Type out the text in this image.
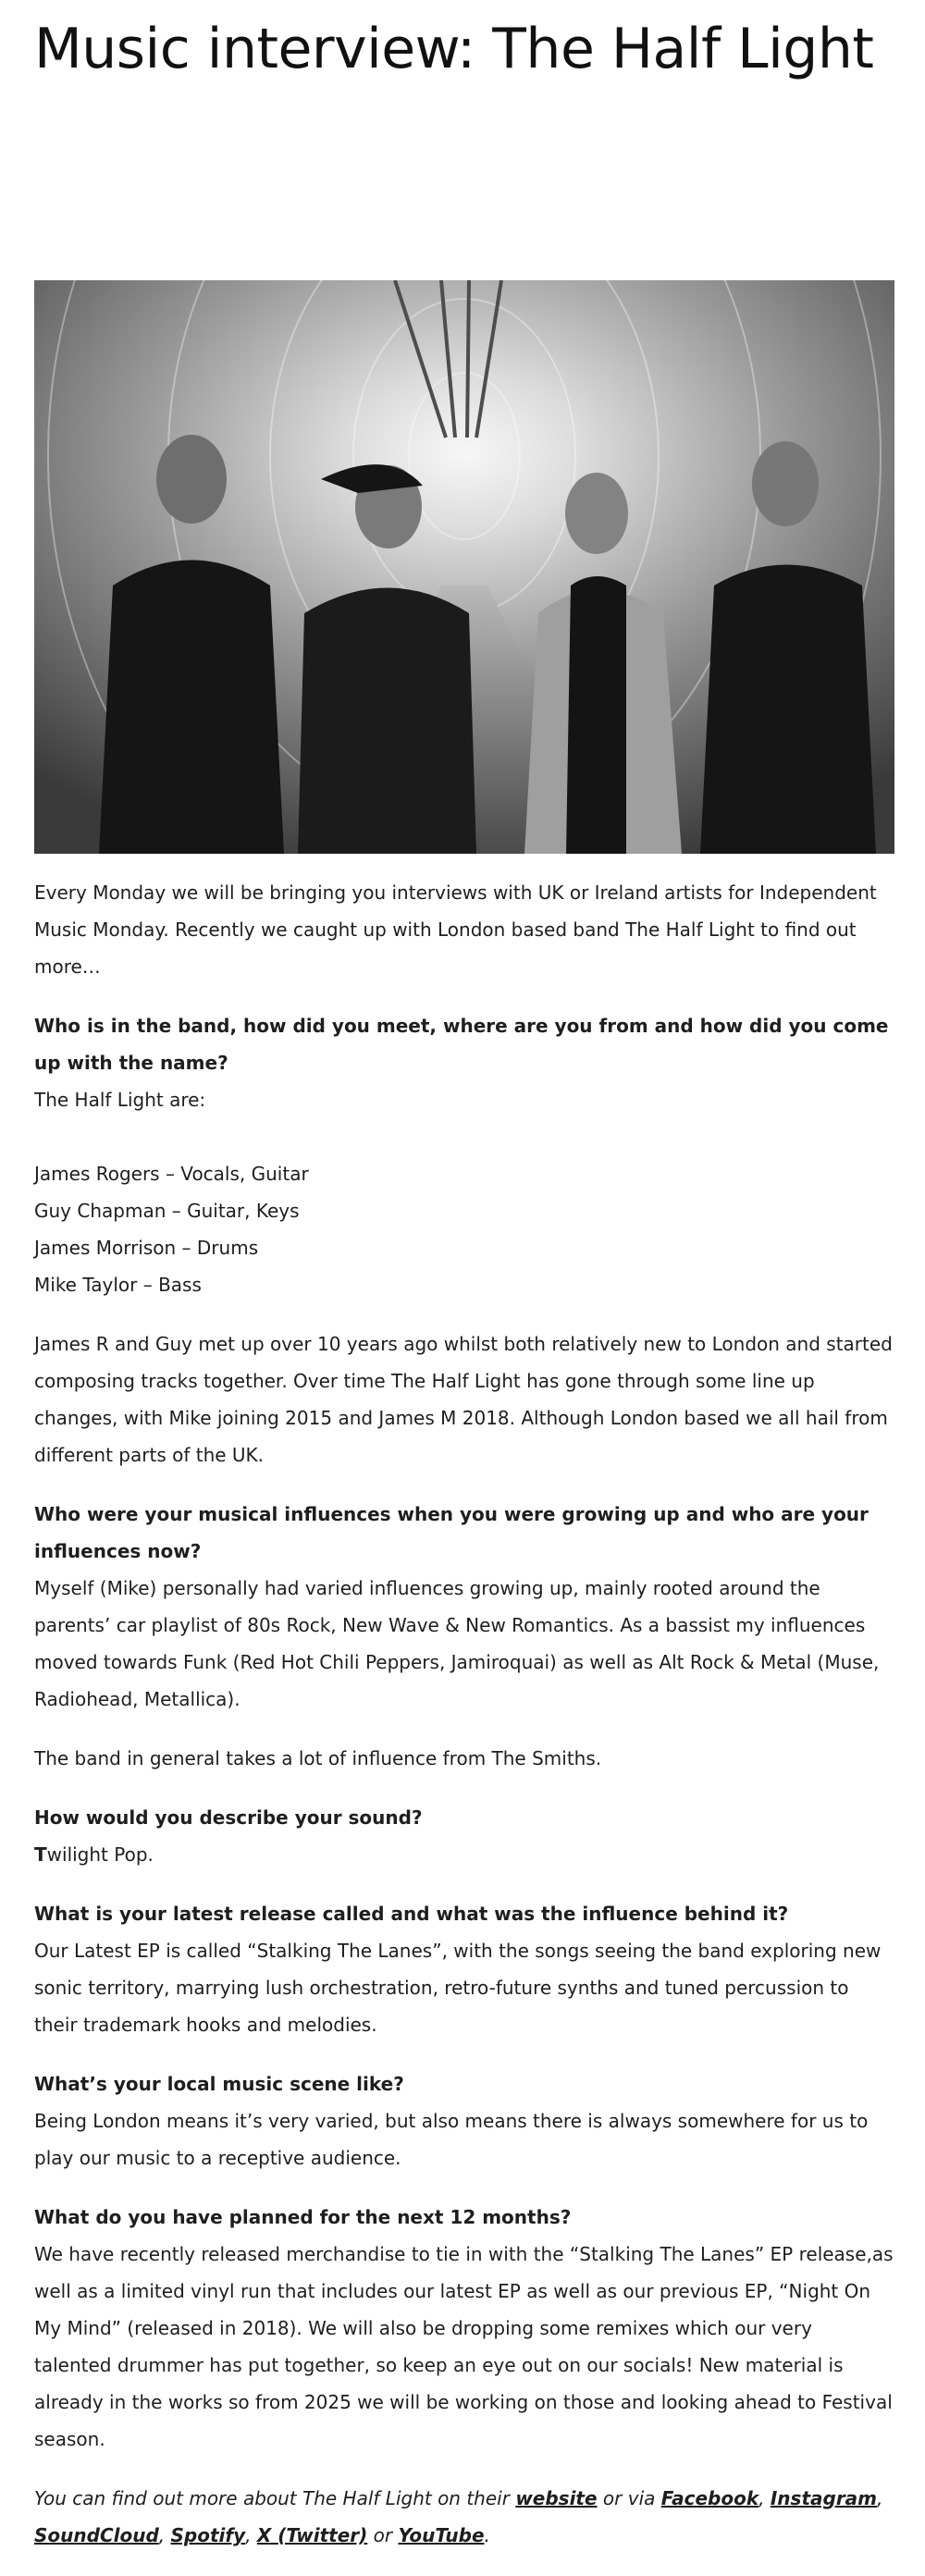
Music interview: The Half Light

Every Monday we will be bringing you interviews with UK or Ireland artists for Independent Music Monday. Recently we caught up with London based band The Half Light to find out more…

Who is in the band, how did you meet, where are you from and how did you come up with the name?
The Half Light are:

James Rogers – Vocals, Guitar
Guy Chapman – Guitar, Keys
James Morrison – Drums
Mike Taylor – Bass

James R and Guy met up over 10 years ago whilst both relatively new to London and started composing tracks together. Over time The Half Light has gone through some line up changes, with Mike joining 2015 and James M 2018. Although London based we all hail from different parts of the UK.

Who were your musical influences when you were growing up and who are your influences now?
Myself (Mike) personally had varied influences growing up, mainly rooted around the parents’ car playlist of 80s Rock, New Wave & New Romantics. As a bassist my influences moved towards Funk (Red Hot Chili Peppers, Jamiroquai) as well as Alt Rock & Metal (Muse, Radiohead, Metallica).

The band in general takes a lot of influence from The Smiths.

How would you describe your sound?
Twilight Pop.

What is your latest release called and what was the influence behind it?
Our Latest EP is called “Stalking The Lanes”, with the songs seeing the band exploring new sonic territory, marrying lush orchestration, retro-future synths and tuned percussion to their trademark hooks and melodies.

What’s your local music scene like?
Being London means it’s very varied, but also means there is always somewhere for us to play our music to a receptive audience.

What do you have planned for the next 12 months?
We have recently released merchandise to tie in with the “Stalking The Lanes” EP release,as well as a limited vinyl run that includes our latest EP as well as our previous EP, “Night On My Mind” (released in 2018). We will also be dropping some remixes which our very talented drummer has put together, so keep an eye out on our socials! New material is already in the works so from 2025 we will be working on those and looking ahead to Festival season.

You can find out more about The Half Light on their website or via Facebook, Instagram, SoundCloud, Spotify, X (Twitter) or YouTube.
